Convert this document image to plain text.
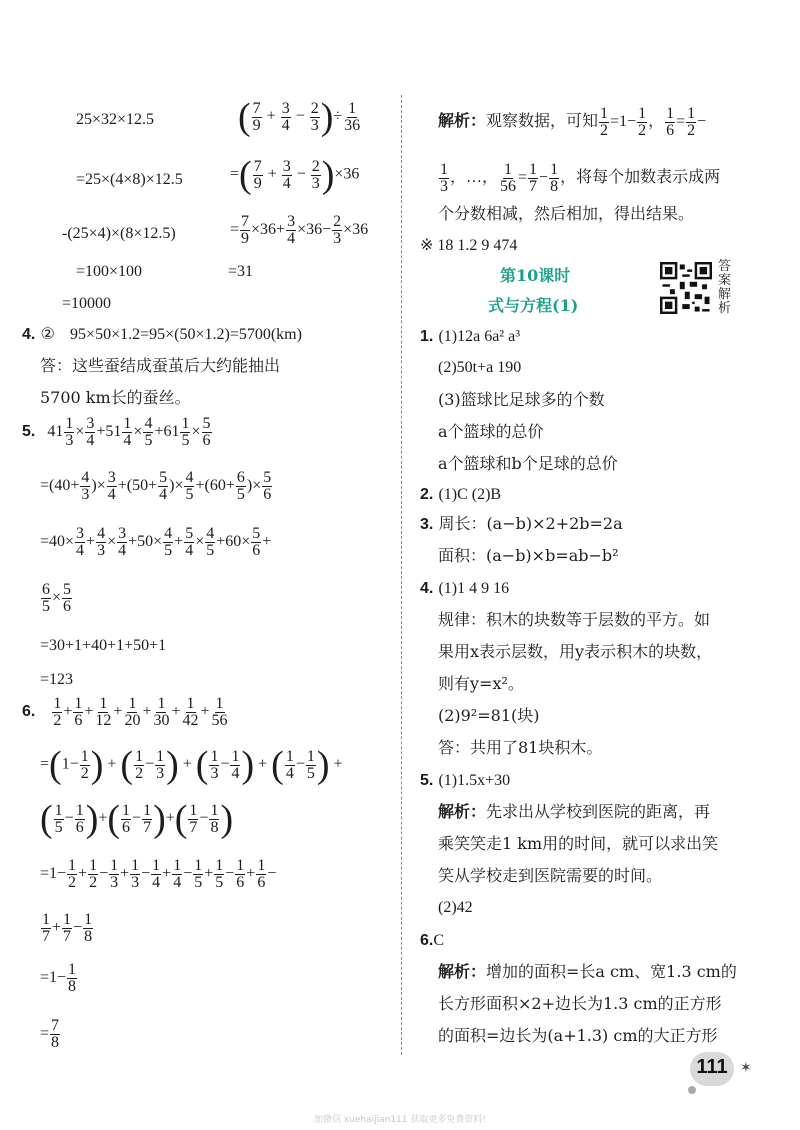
25×32×12.5
=25×(4×8)×12.5
-(25×4)×(8×12.5)
=100×100
=10000
( $\frac{7}{9} + \frac{3}{4} - \frac{2}{3}$ )÷ $\frac{1}{36}$
=( $\frac{7}{9} + \frac{3}{4} - \frac{2}{3} )\times 36$
= $\frac{7}{9} \times 36+ \frac{3}{4} \times 36- \frac{2}{3} \times 36$
=31
4. ② 95×50×1.2=95×(50×1.2)=5700(km)
答：这些蚕结成蚕茧后大约能抽出
5700 km长的蚕丝。
5. $41 \frac{1}{3} \times \frac{3}{4} +51 \frac{1}{4} \times \frac{4}{5} +61 \frac{1}{5} \times \frac{5}{6}$
$=(40+ \frac{4}{3}$ )× $\frac{3}{4} +(50+ \frac{5}{4}$ )× $\frac{4}{5} +(60+ \frac{6}{5}$ )× $\frac{5}{6}$
$=40\times \frac{3}{4} + \frac{4}{3} \times \frac{3}{4} +50\times \frac{4}{5} + \frac{5}{4} \times \frac{4}{5} +60\times \frac{5}{6}$ +
$\frac{6}{5} \times \frac{5}{6}$
=30+1+40+1+50+1
=123
6. $\frac{1}{2} + \frac{1}{6} + \frac{1}{12} + \frac{1}{20} + \frac{1}{30} + \frac{1}{42} + \frac{1}{56}$
$=(1- \frac{1}{2}$ ) + ( $\frac{1}{2} - \frac{1}{3}$ ) + ( $\frac{1}{3} - \frac{1}{4}$ ) + ( $\frac{1}{4} - \frac{1}{5}$ ) +
( $\frac{1}{5} - \frac{1}{6}$ )+( $\frac{1}{6} - \frac{1}{7}$ )+( $\frac{1}{7} - \frac{1}{8}$ )
$=1- \frac{1}{2} + \frac{1}{2} - \frac{1}{3} + \frac{1}{3} - \frac{1}{4} + \frac{1}{4} - \frac{1}{5} + \frac{1}{5} - \frac{1}{6} + \frac{1}{6}$ −
$\frac{1}{7} + \frac{1}{7} - \frac{1}{8}$
$=1- \frac{1}{8}$
= $\frac{7}{8}$
解析：观察数据，可知 $\frac{1}{2} =1- \frac{1}{2}$ ， $\frac{1}{6} = \frac{1}{2}$ −
$\frac{1}{3}$ ，…， $\frac{1}{56} = \frac{1}{7} - \frac{1}{8}$ ，将每个加数表示成两
个分数相减，然后相加，得出结果。
※ 18 1.2 9 474
第10课时
式与方程(1)
1. (1)12a 6a² a³
(2)50t+a 190
(3)篮球比足球多的个数
a个篮球的总价
a个篮球和b个足球的总价
2. (1)C (2)B
3. 周长：(a−b)×2+2b=2a
面积：(a−b)×b=ab−b²
4. (1)1 4 9 16
规律：积木的块数等于层数的平方。如
果用x表示层数，用y表示积木的块数，
则有y=x²。
(2)9²=81(块)
答：共用了81块积木。
5. (1)1.5x+30
解析：先求出从学校到医院的距离，再
乘笑笑走1 km用的时间，就可以求出笑
笑从学校走到医院需要的时间。
(2)42
6.C
解析：增加的面积=长a cm、宽1.3 cm的
长方形面积×2+边长为1.3 cm的正方形
的面积=边长为(a+1.3) cm的大正方形
答
案
解
析
111 ✶
加微信 xuehaijian111 获取更多免费资料!
